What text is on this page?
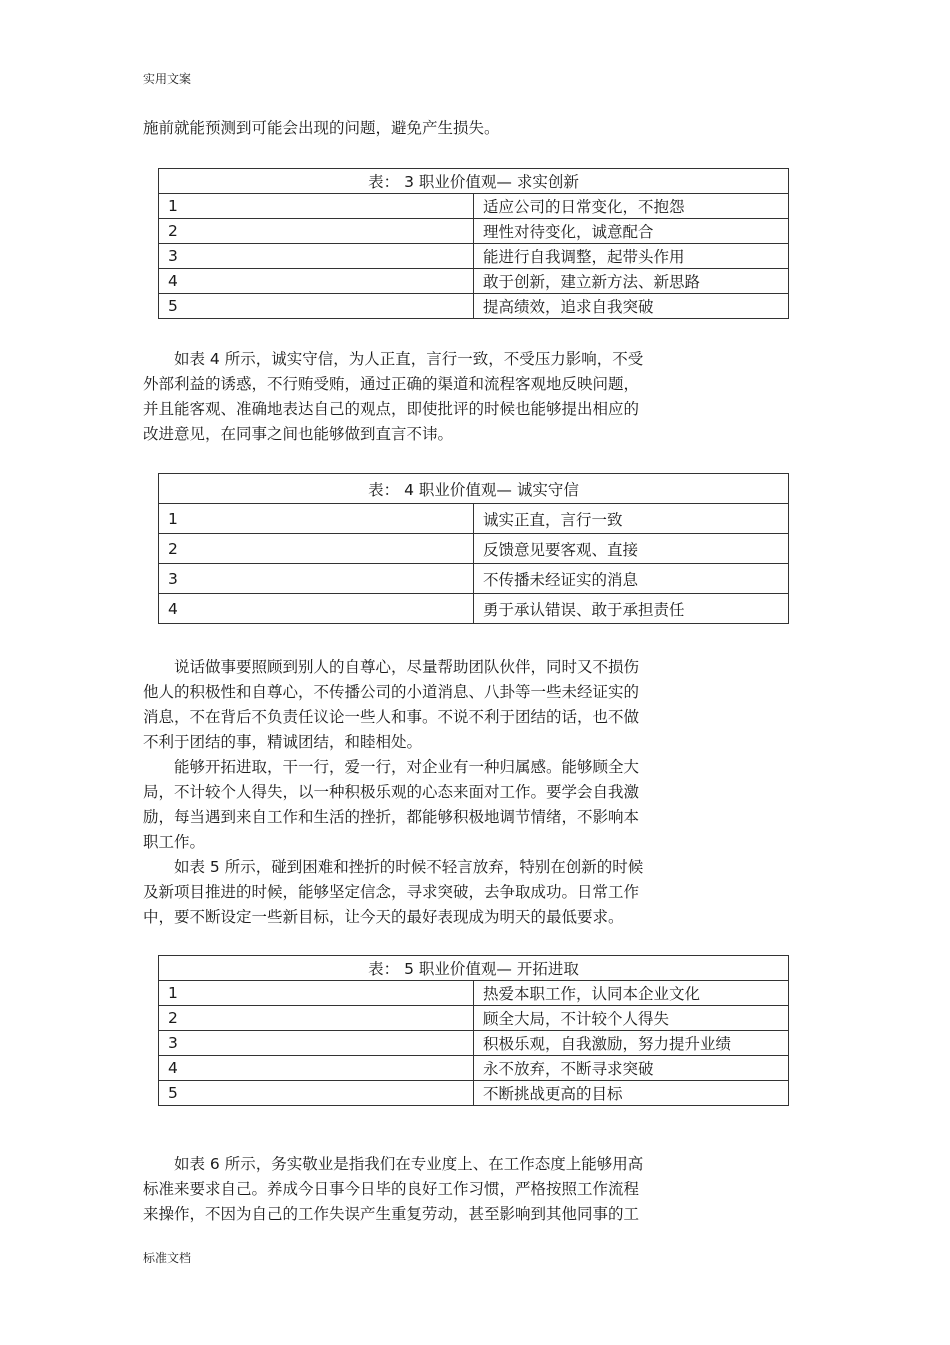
实用文案
施前就能预测到可能会出现的问题，避免产生损失。
表： 3 职业价值观— 求实创新	
1	适应公司的日常变化，不抱怨
2	理性对待变化，诚意配合
3	能进行自我调整，起带头作用
4	敢于创新，建立新方法、新思路
5	提高绩效，追求自我突破
　　如表 4 所示，诚实守信，为人正直，言行一致，不受压力影响，不受
外部利益的诱惑，不行贿受贿，通过正确的渠道和流程客观地反映问题，
并且能客观、准确地表达自己的观点，即使批评的时候也能够提出相应的
改进意见，在同事之间也能够做到直言不讳。
表： 4 职业价值观— 诚实守信	
1	诚实正直，言行一致
2	反馈意见要客观、直接
3	不传播未经证实的消息
4	勇于承认错误、敢于承担责任
　　说话做事要照顾到别人的自尊心，尽量帮助团队伙伴，同时又不损伤
他人的积极性和自尊心，不传播公司的小道消息、八卦等一些未经证实的
消息，不在背后不负责任议论一些人和事。不说不利于团结的话，也不做
不利于团结的事，精诚团结，和睦相处。
　　能够开拓进取，干一行，爱一行，对企业有一种归属感。能够顾全大
局，不计较个人得失，以一种积极乐观的心态来面对工作。要学会自我激
励，每当遇到来自工作和生活的挫折，都能够积极地调节情绪，不影响本
职工作。
　　如表 5 所示，碰到困难和挫折的时候不轻言放弃，特别在创新的时候
及新项目推进的时候，能够坚定信念，寻求突破，去争取成功。日常工作
中，要不断设定一些新目标，让今天的最好表现成为明天的最低要求。
表： 5 职业价值观— 开拓进取	
1	热爱本职工作，认同本企业文化
2	顾全大局，不计较个人得失
3	积极乐观，自我激励，努力提升业绩
4	永不放弃，不断寻求突破
5	不断挑战更高的目标
　　如表 6 所示，务实敬业是指我们在专业度上、在工作态度上能够用高
标准来要求自己。养成今日事今日毕的良好工作习惯，严格按照工作流程
来操作，不因为自己的工作失误产生重复劳动，甚至影响到其他同事的工
标准文档
